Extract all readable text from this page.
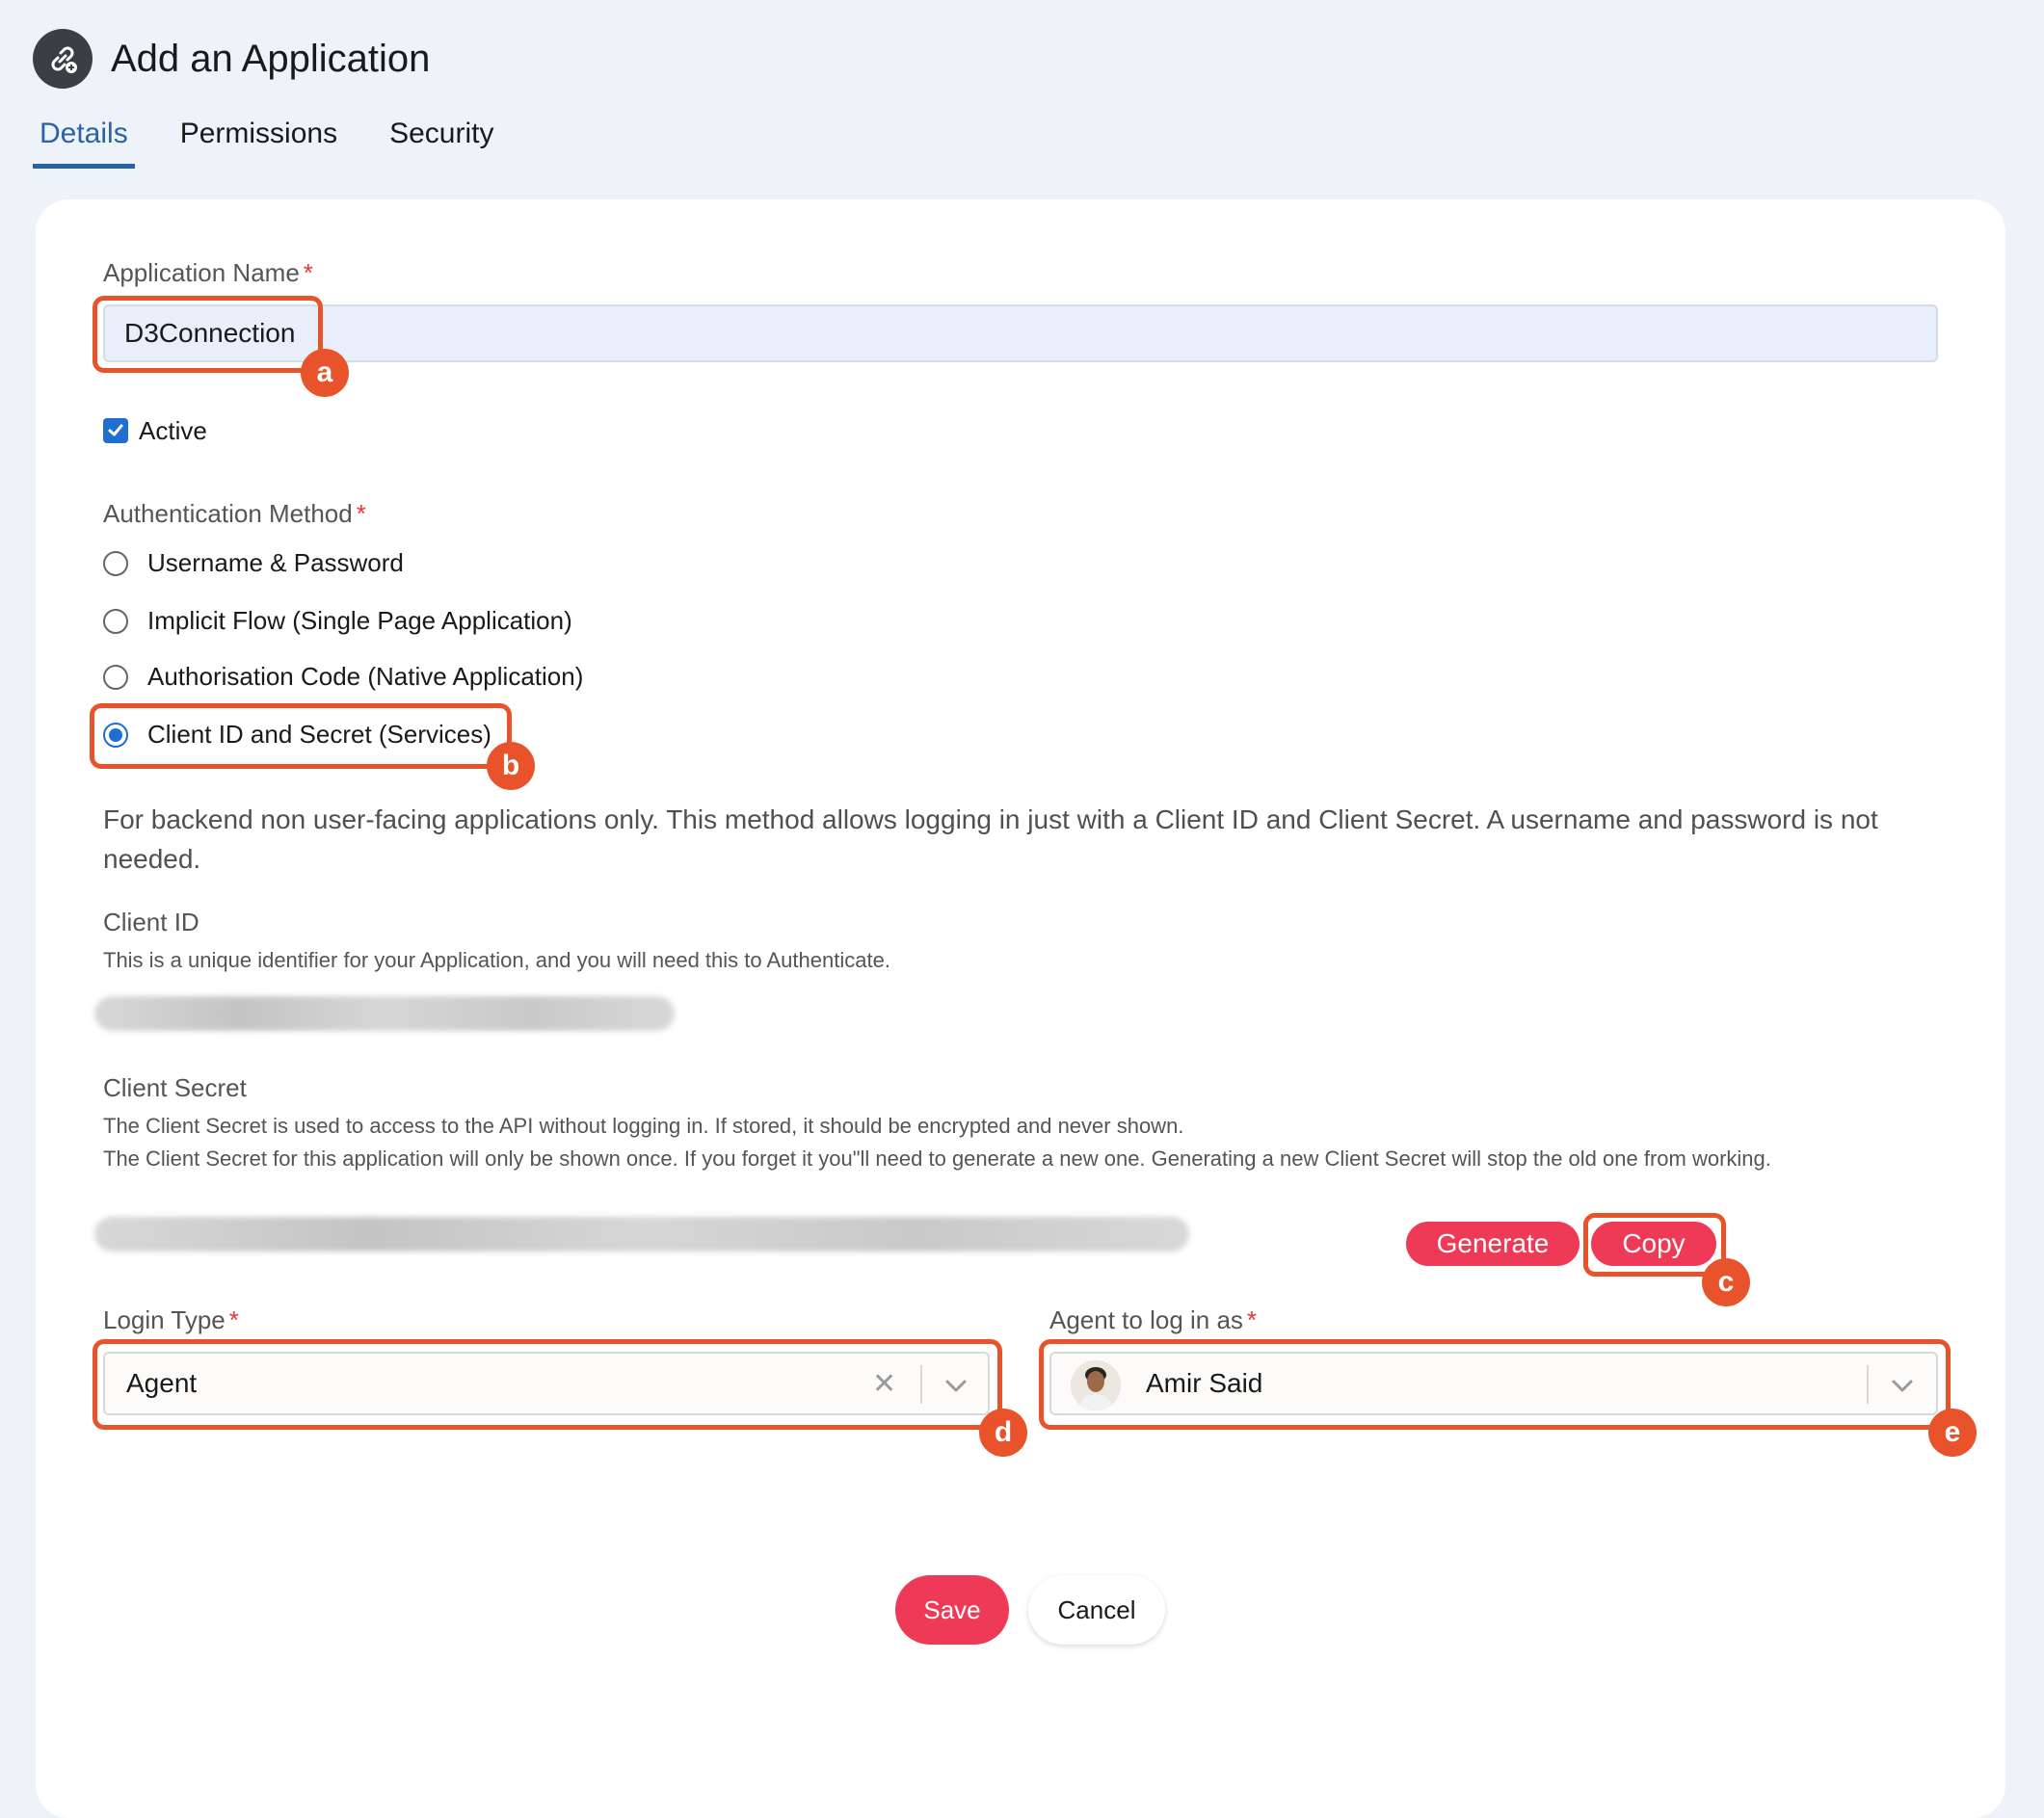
Add an Application
Details Permissions Security
Application Name *
D3Connection
Active
Authentication Method *
Username & Password
Implicit Flow (Single Page Application)
Authorisation Code (Native Application)
Client ID and Secret (Services)
For backend non user-facing applications only. This method allows logging in just with a Client ID and Client Secret. A username and password is not needed.
Client ID
This is a unique identifier for your Application, and you will need this to Authenticate.
Client Secret
The Client Secret is used to access to the API without logging in. If stored, it should be encrypted and never shown.
The Client Secret for this application will only be shown once. If you forget it you"ll need to generate a new one. Generating a new Client Secret will stop the old one from working.
Generate	Copy
Login Type *
Agent	✕
Agent to log in as *
Amir Said
Save	Cancel
a
b
c
d	e
